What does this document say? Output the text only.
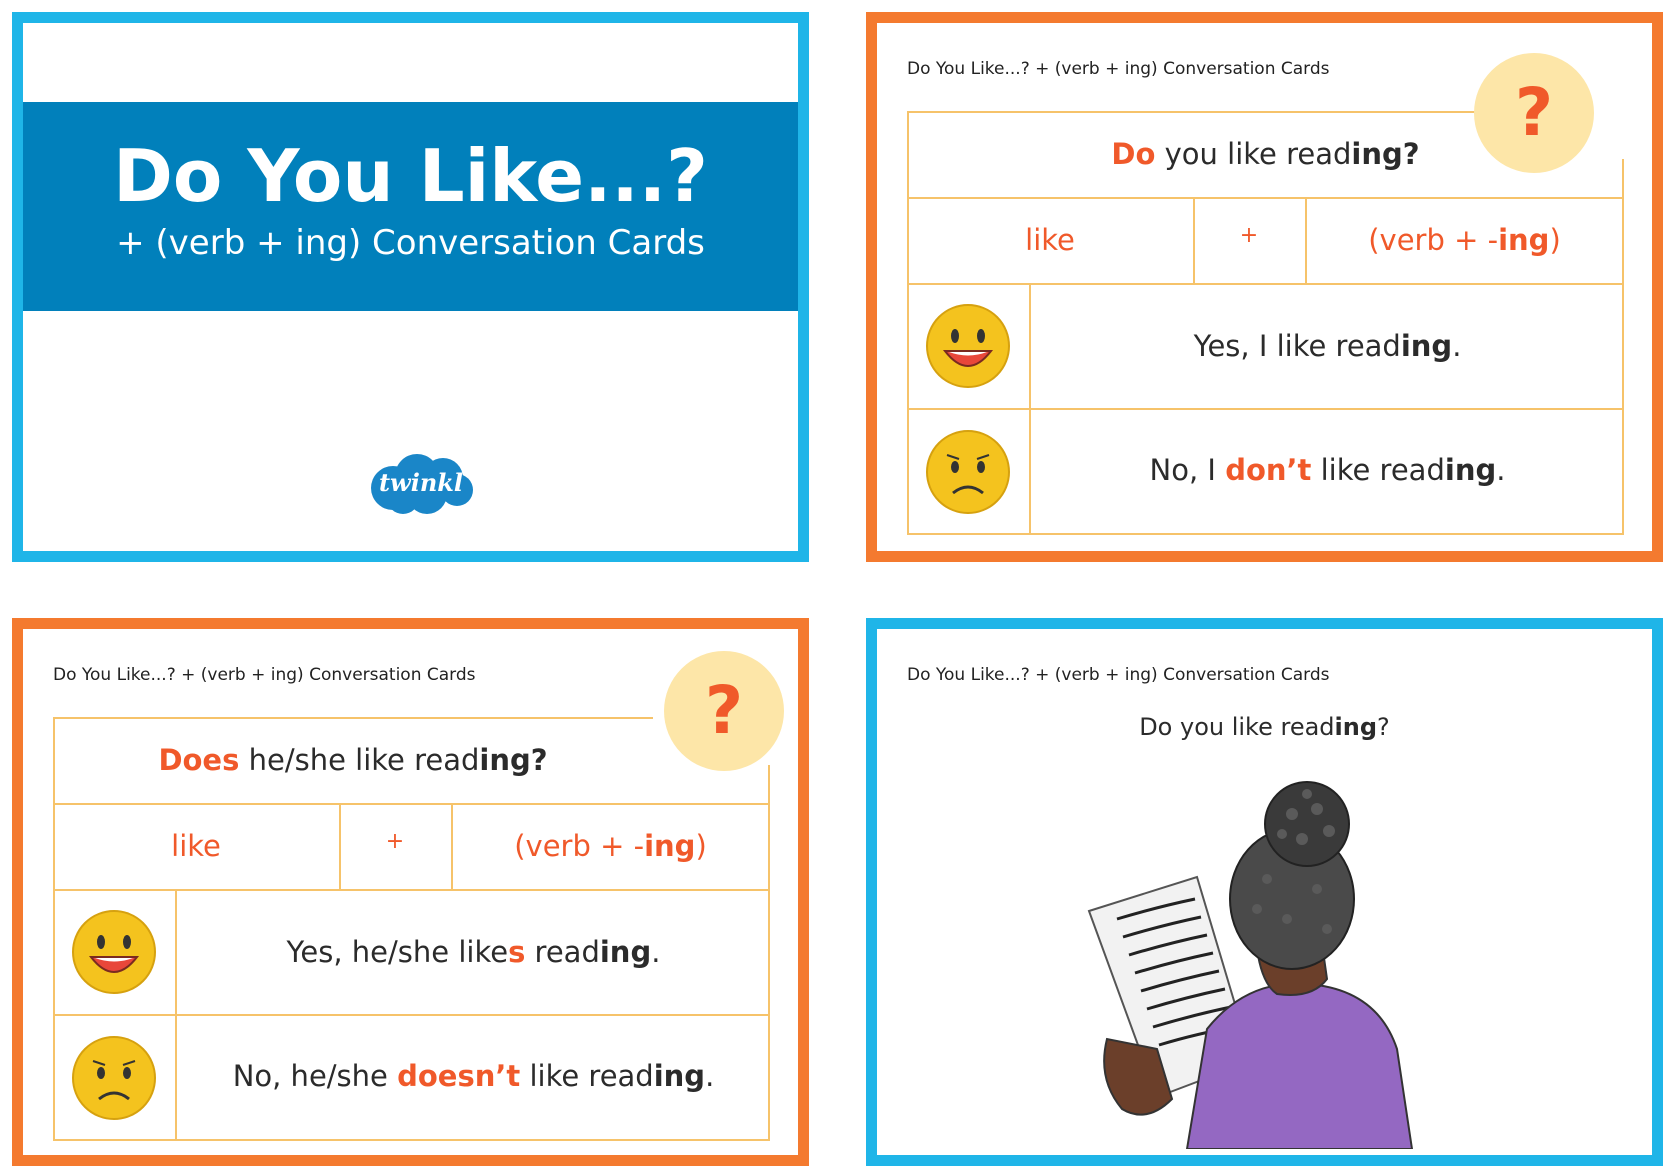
Do You Like...?
+ (verb + ing) Conversation Cards
twinkl
Do You Like...? + (verb + ing) Conversation Cards
Do you like reading?
like	+	(verb + -ing)
Yes, I like reading.
No, I don’t like reading.
?
Do You Like...? + (verb + ing) Conversation Cards
Does he/she like reading?
like	+	(verb + -ing)
Yes, he/she likes reading.
No, he/she doesn’t like reading.
?	Do You Like...? + (verb + ing) Conversation Cards
Do you like reading?
